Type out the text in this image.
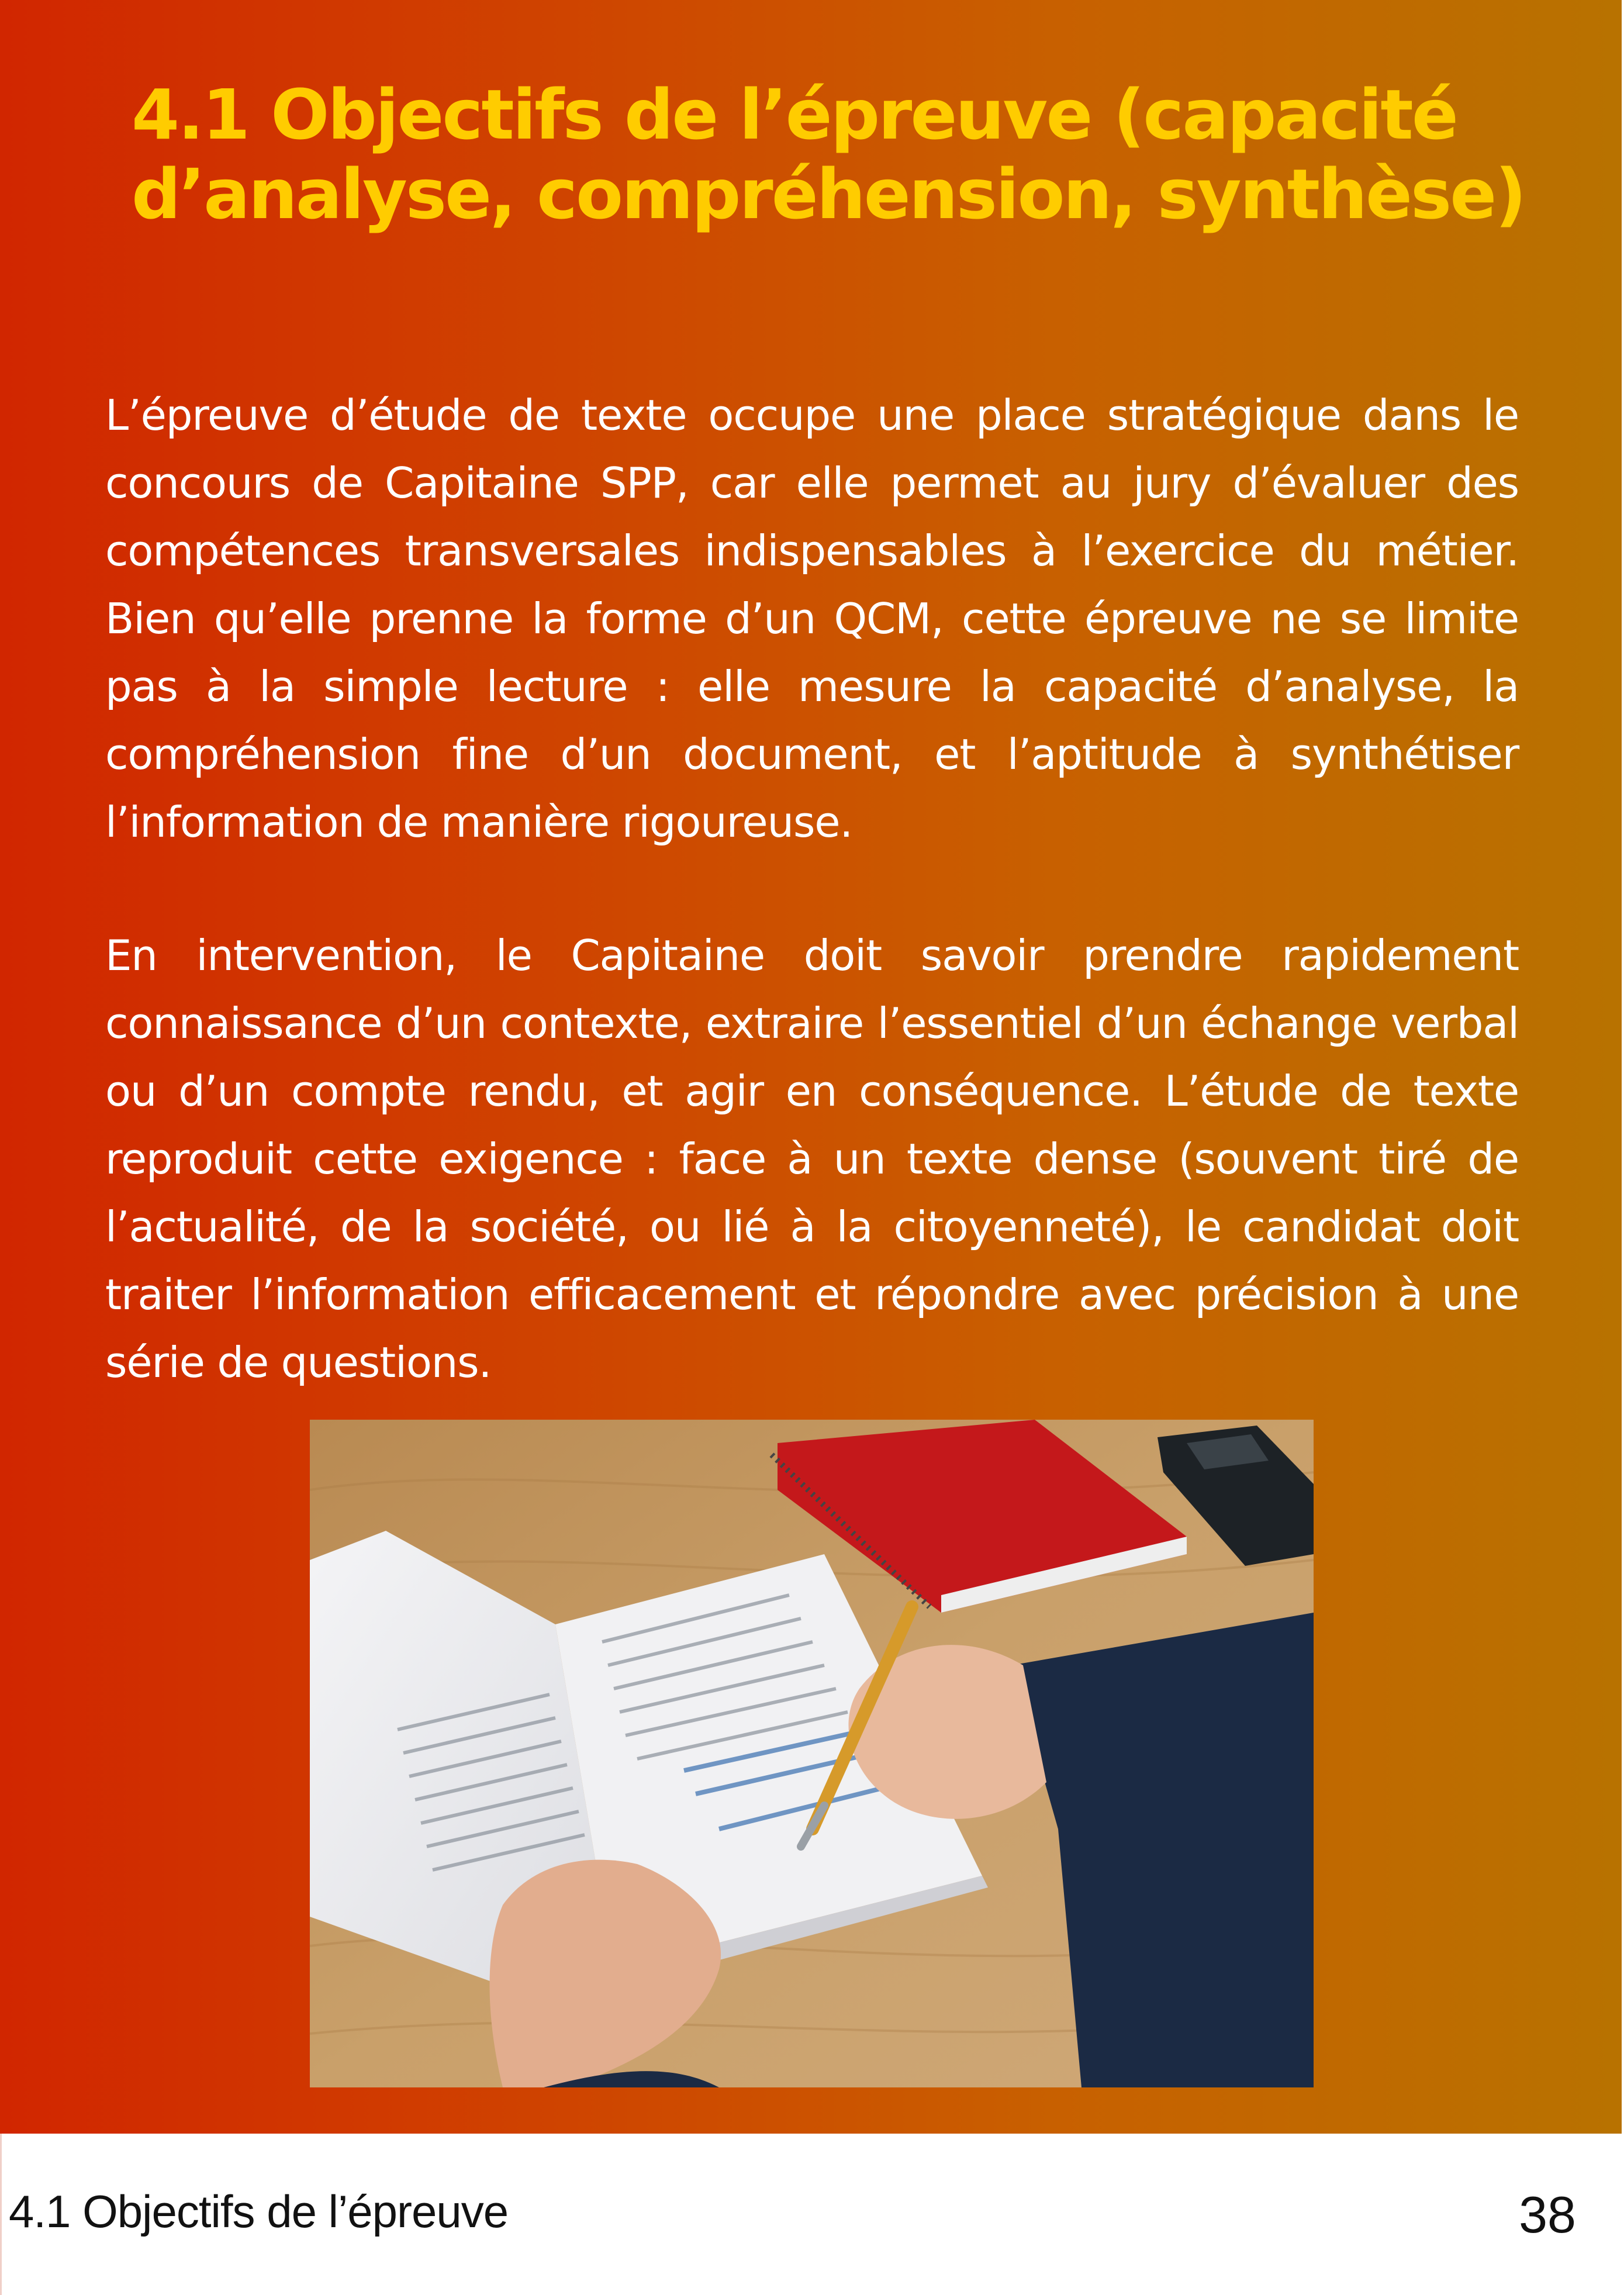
4.1 Objectifs de l’épreuve (capacité d’analyse, compréhension, synthèse)

L’épreuve d’étude de texte occupe une place stratégique dans le concours de Capitaine SPP, car elle permet au jury d’évaluer des compétences transversales indispensables à l’exercice du métier. Bien qu’elle prenne la forme d’un QCM, cette épreuve ne se limite pas à la simple lecture : elle mesure la capacité d’analyse, la compréhension fine d’un document, et l’aptitude à synthétiser l’information de manière rigoureuse.

En intervention, le Capitaine doit savoir prendre rapidement connaissance d’un contexte, extraire l’essentiel d’un échange verbal ou d’un compte rendu, et agir en conséquence. L’étude de texte reproduit cette exigence : face à un texte dense (souvent tiré de l’actualité, de la société, ou lié à la citoyenneté), le candidat doit traiter l’information efficacement et répondre avec précision à une série de questions.

4.1 Objectifs de l’épreuve	38
